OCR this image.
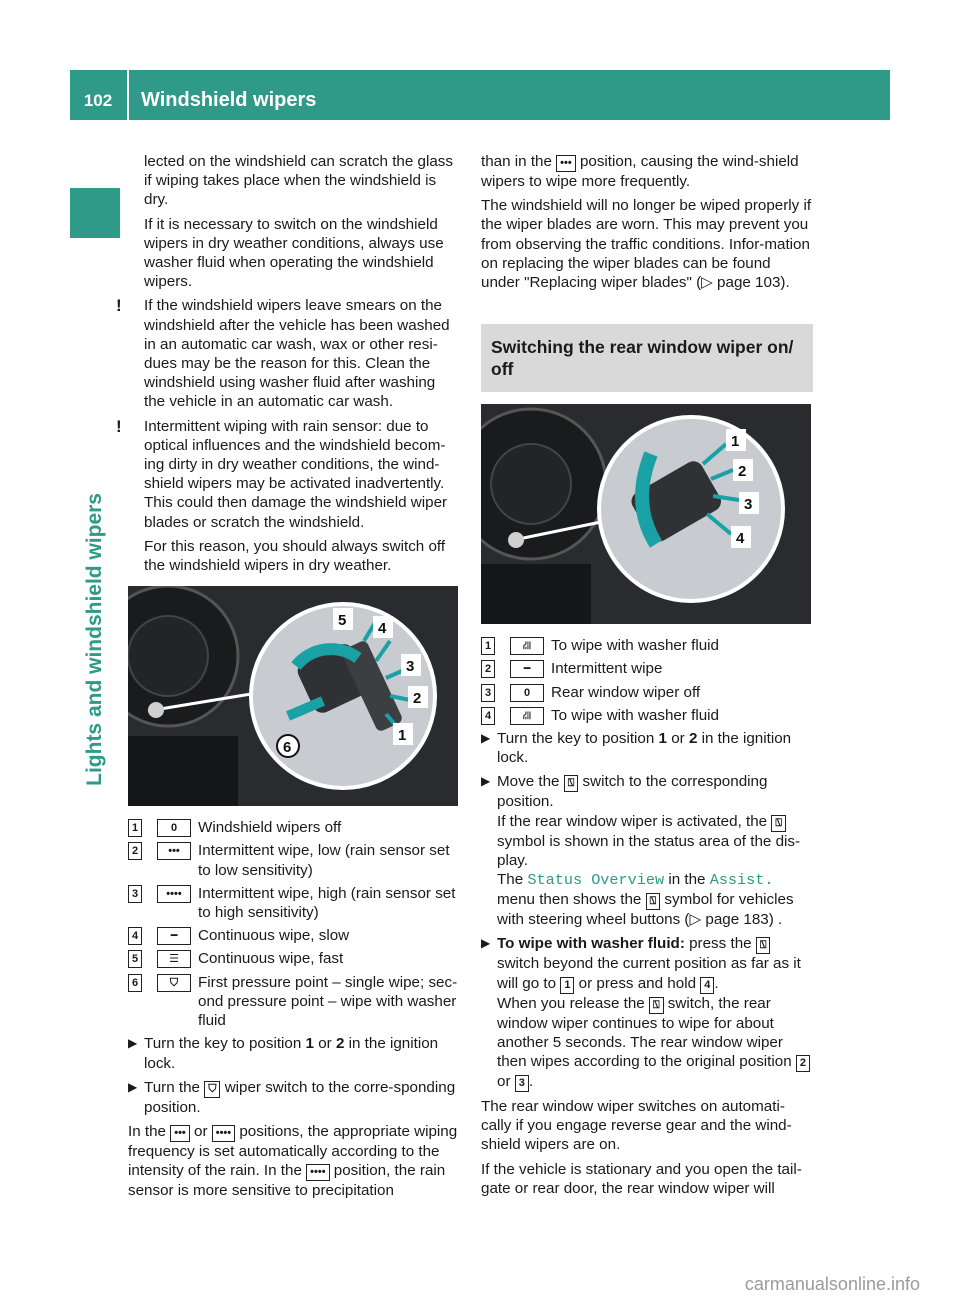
102	Windshield wipers
Lights and windshield wipers

lected on the windshield can scratch the glass if wiping takes place when the windshield is dry.

If it is necessary to switch on the windshield wipers in dry weather conditions, always use washer fluid when operating the windshield wipers.

! If the windshield wipers leave smears on the windshield after the vehicle has been washed in an automatic car wash, wax or other resi-dues may be the reason for this. Clean the windshield using washer fluid after washing the vehicle in an automatic car wash.

! Intermittent wiping with rain sensor: due to optical influences and the windshield becom-ing dirty in dry weather conditions, the wind-shield wipers may be activated inadvertently. This could then damage the windshield wiper blades or scratch the windshield.

For this reason, you should always switch off the windshield wipers in dry weather.

5 4
3
2
1
6
1	0	Windshield wipers off
2	•••	Intermittent wipe, low (rain sensor set to low sensitivity)
3	••••	Intermittent wipe, high (rain sensor set to high sensitivity)
4	━	Continuous wipe, slow
5	☰	Continuous wipe, fast
6	⛉	First pressure point – single wipe; sec-ond pressure point – wipe with washer fluid
▶ Turn the key to position 1 or 2 in the ignition lock.
▶ Turn the ⛉ wiper switch to the corre-sponding position.

In the ••• or •••• positions, the appropriate wiping frequency is set automatically according to the intensity of the rain. In the •••• position, the rain sensor is more sensitive to precipitation

than in the ••• position, causing the wind-shield wipers to wipe more frequently.

The windshield will no longer be wiped properly if the wiper blades are worn. This may prevent you from observing the traffic conditions. Infor-mation on replacing the wiper blades can be found under "Replacing wiper blades" (▷ page 103).

Switching the rear window wiper on/ off
1
2
3
4
1	⛜	To wipe with washer fluid
2	━	Intermittent wipe
3	0	Rear window wiper off
4	⛜	To wipe with washer fluid
▶ Turn the key to position 1 or 2 in the ignition lock.
▶ Move the ⍂ switch to the corresponding position.
If the rear window wiper is activated, the ⍂ symbol is shown in the status area of the dis-play.
The Status Overview in the Assist. menu then shows the ⍂ symbol for vehicles with steering wheel buttons (▷ page 183) .
▶ To wipe with washer fluid: press the ⍂ switch beyond the current position as far as it will go to 1 or press and hold 4 .
When you release the ⍂ switch, the rear window wiper continues to wipe for about another 5 seconds. The rear window wiper then wipes according to the original position 2 or 3 .

The rear window wiper switches on automati-cally if you engage reverse gear and the wind-shield wipers are on.

If the vehicle is stationary and you open the tail-gate or rear door, the rear window wiper will

carmanualsonline.info
